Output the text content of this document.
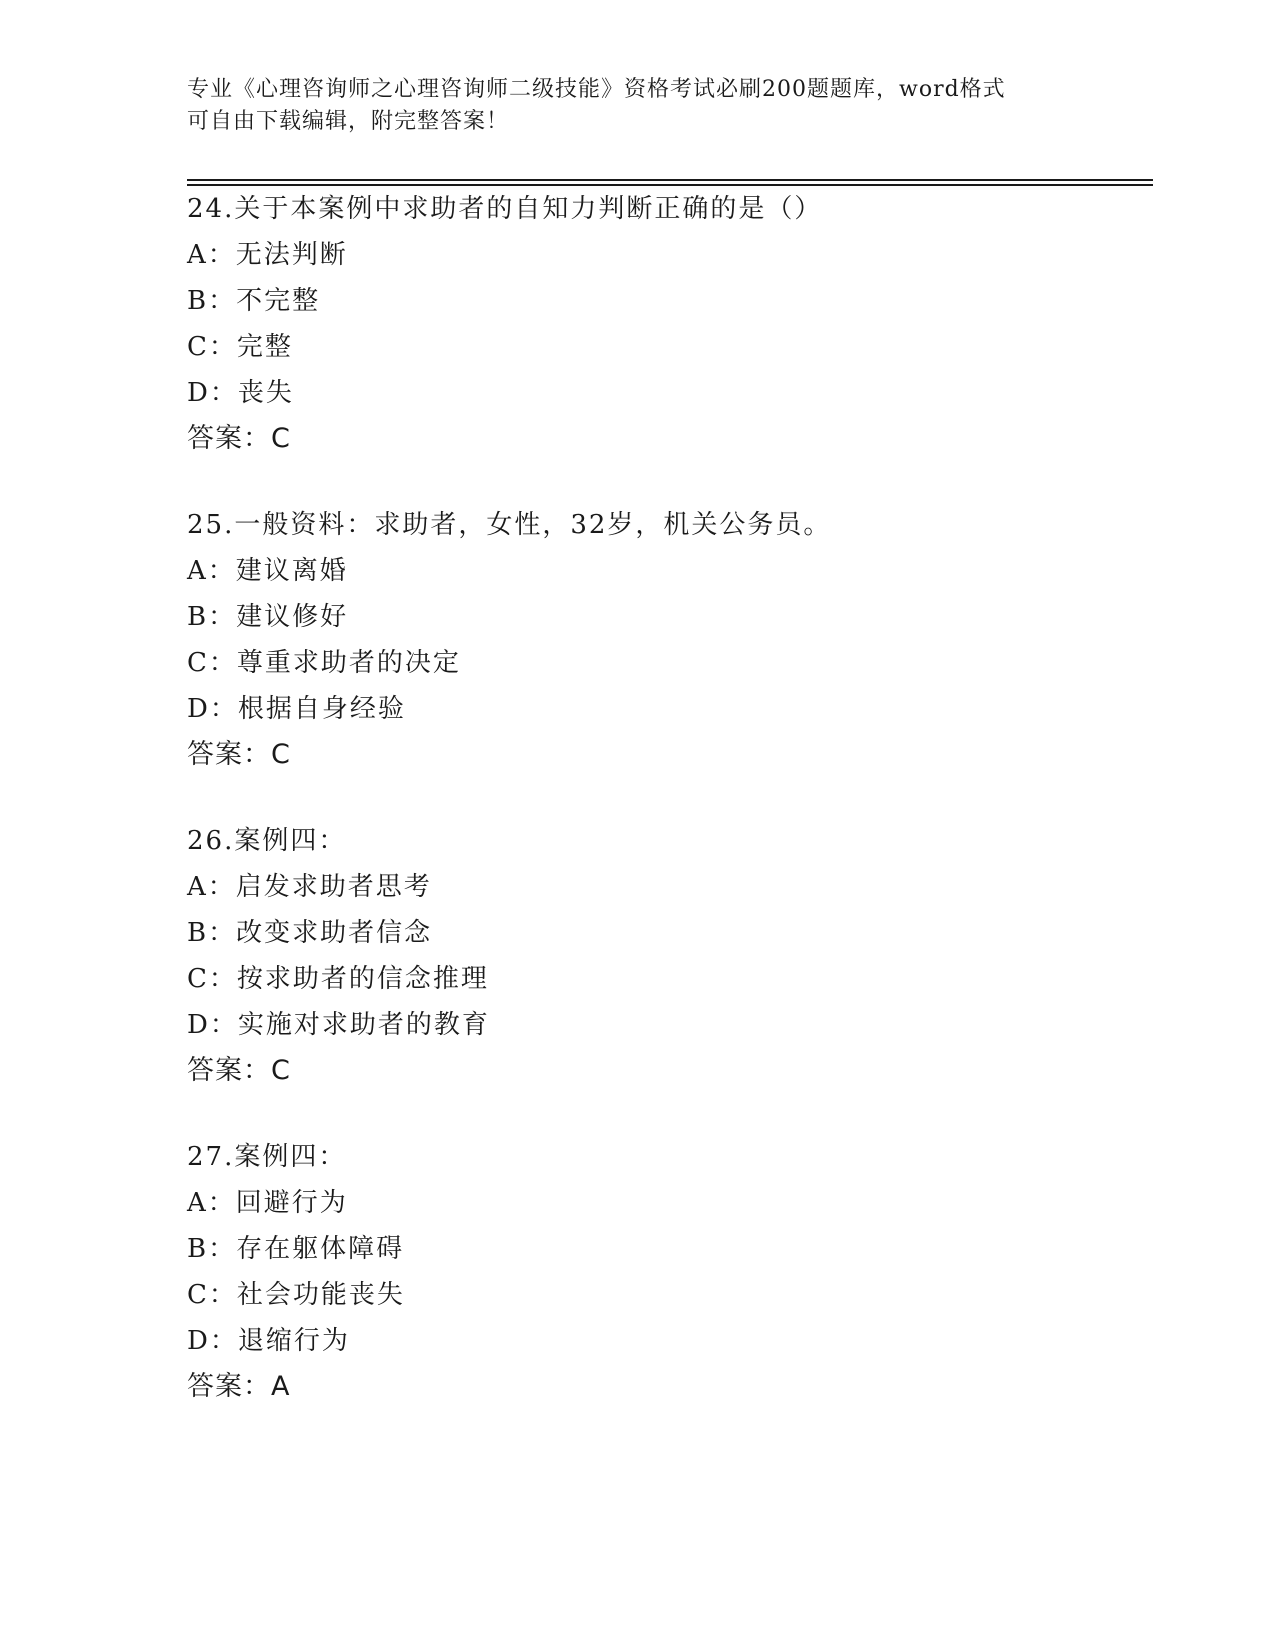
专业《心理咨询师之心理咨询师二级技能》资格考试必刷200题题库，word格式

可自由下载编辑，附完整答案！

24.关于本案例中求助者的自知力判断正确的是（）
A：无法判断
B：不完整
C：完整
D：丧失
答案：C
25.一般资料：求助者，女性，32岁，机关公务员。
A：建议离婚
B：建议修好
C：尊重求助者的决定
D：根据自身经验
答案：C
26.案例四：
A：启发求助者思考
B：改变求助者信念
C：按求助者的信念推理
D：实施对求助者的教育
答案：C
27.案例四：
A：回避行为
B：存在躯体障碍
C：社会功能丧失
D：退缩行为
答案：A
